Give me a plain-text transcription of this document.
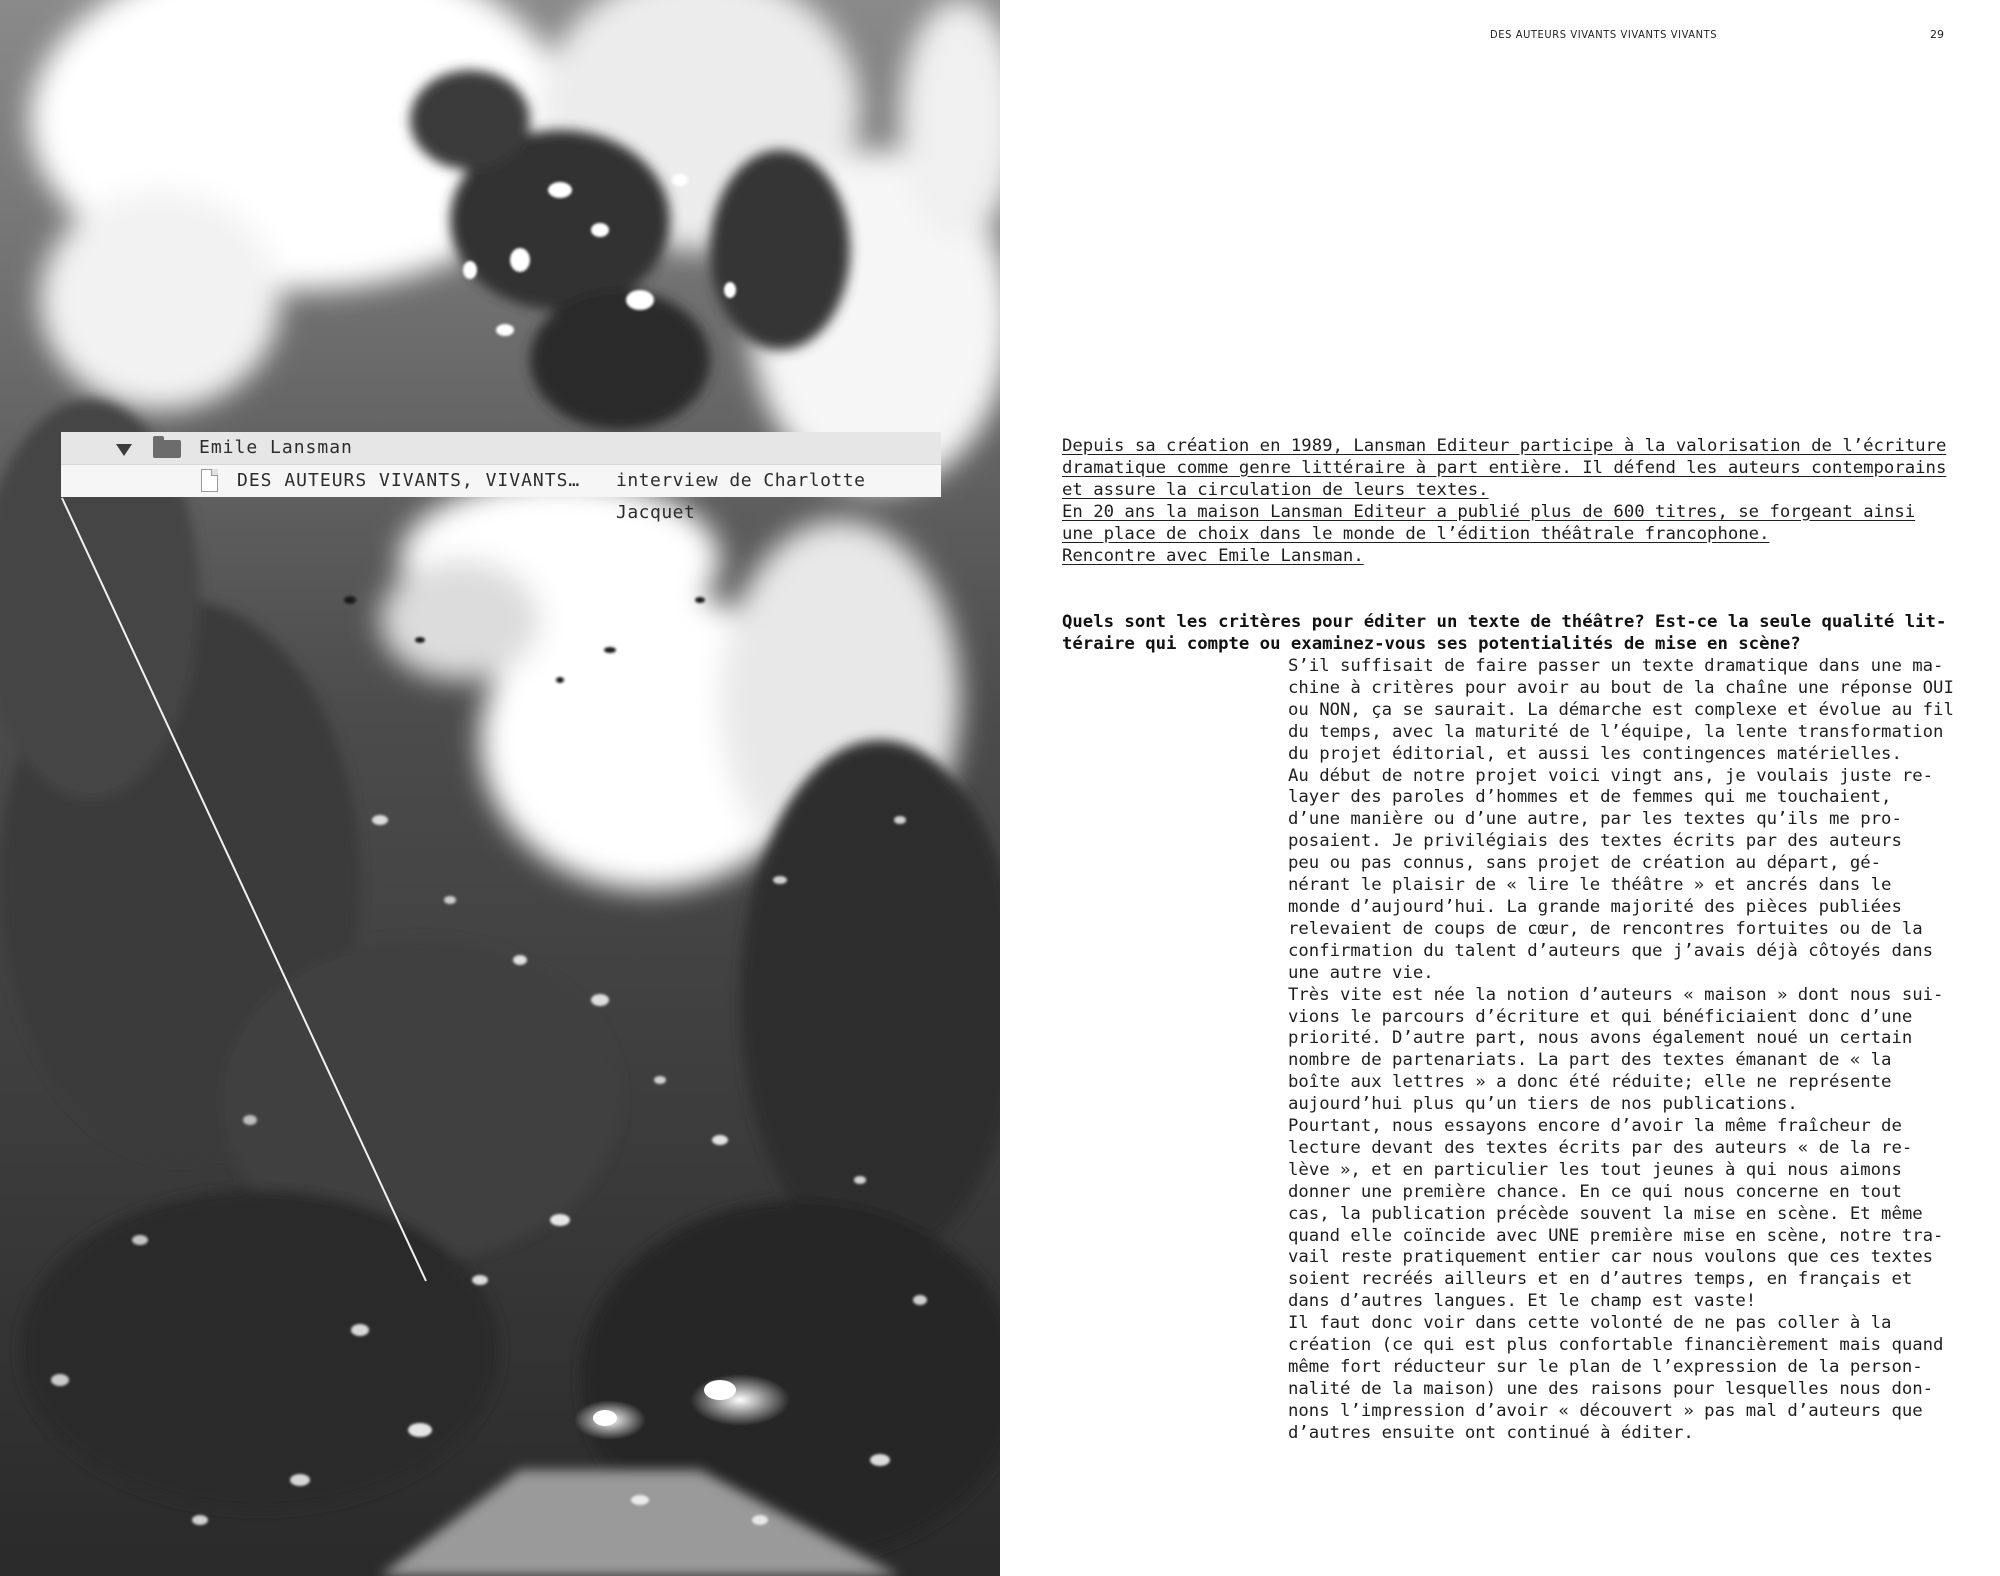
Emile Lansman
DES AUTEURS VIVANTS, VIVANTS… interview de Charlotte Jacquet
DES AUTEURS VIVANTS VIVANTS VIVANTS	29
Depuis sa création en 1989, Lansman Editeur participe à la valorisation de l’écriture
dramatique comme genre littéraire à part entière. Il défend les auteurs contemporains
et assure la circulation de leurs textes.
En 20 ans la maison Lansman Editeur a publié plus de 600 titres, se forgeant ainsi
une place de choix dans le monde de l’édition théâtrale francophone.
Rencontre avec Emile Lansman.
Quels sont les critères pour éditer un texte de théâtre? Est-ce la seule qualité lit-
téraire qui compte ou examinez-vous ses potentialités de mise en scène?
S’il suffisait de faire passer un texte dramatique dans une ma-
chine à critères pour avoir au bout de la chaîne une réponse OUI
ou NON, ça se saurait. La démarche est complexe et évolue au fil
du temps, avec la maturité de l’équipe, la lente transformation
du projet éditorial, et aussi les contingences matérielles.
Au début de notre projet voici vingt ans, je voulais juste re-
layer des paroles d’hommes et de femmes qui me touchaient,
d’une manière ou d’une autre, par les textes qu’ils me pro-
posaient. Je privilégiais des textes écrits par des auteurs
peu ou pas connus, sans projet de création au départ, gé-
nérant le plaisir de « lire le théâtre » et ancrés dans le
monde d’aujourd’hui. La grande majorité des pièces publiées
relevaient de coups de cœur, de rencontres fortuites ou de la
confirmation du talent d’auteurs que j’avais déjà côtoyés dans
une autre vie.
Très vite est née la notion d’auteurs « maison » dont nous sui-
vions le parcours d’écriture et qui bénéficiaient donc d’une
priorité. D’autre part, nous avons également noué un certain
nombre de partenariats. La part des textes émanant de « la
boîte aux lettres » a donc été réduite; elle ne représente
aujourd’hui plus qu’un tiers de nos publications.
Pourtant, nous essayons encore d’avoir la même fraîcheur de
lecture devant des textes écrits par des auteurs « de la re-
lève », et en particulier les tout jeunes à qui nous aimons
donner une première chance. En ce qui nous concerne en tout
cas, la publication précède souvent la mise en scène. Et même
quand elle coïncide avec UNE première mise en scène, notre tra-
vail reste pratiquement entier car nous voulons que ces textes
soient recréés ailleurs et en d’autres temps, en français et
dans d’autres langues. Et le champ est vaste!
Il faut donc voir dans cette volonté de ne pas coller à la
création (ce qui est plus confortable financièrement mais quand
même fort réducteur sur le plan de l’expression de la person-
nalité de la maison) une des raisons pour lesquelles nous don-
nons l’impression d’avoir « découvert » pas mal d’auteurs que
d’autres ensuite ont continué à éditer.
